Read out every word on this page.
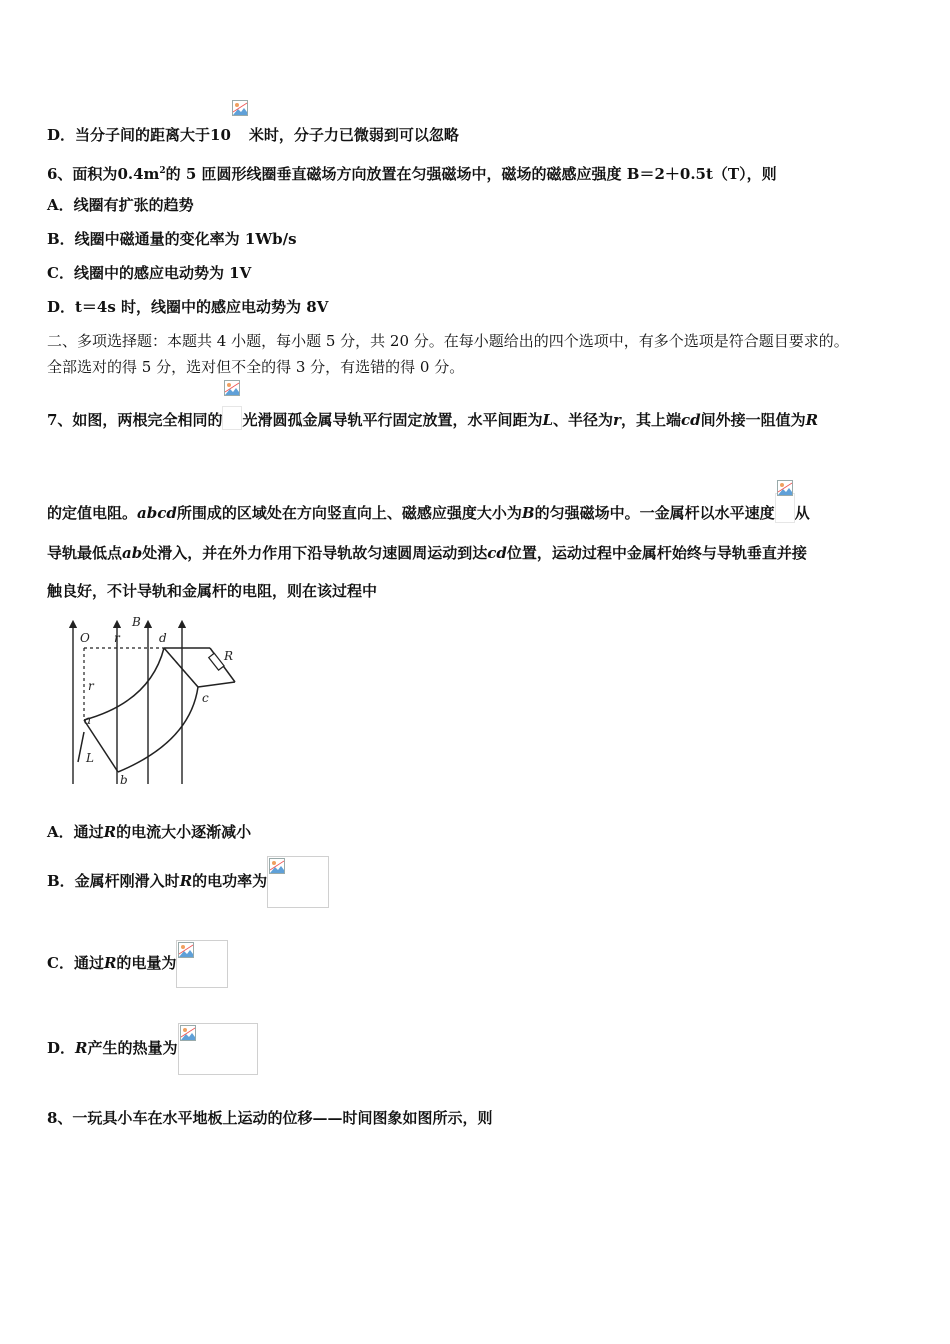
D．当分子间的距离大于10 米时，分子力已微弱到可以忽略
6、面积为$0.4m^2$的 5 匝圆形线圈垂直磁场方向放置在匀强磁场中，磁场的磁感应强度 B＝2＋0.5t（T），则
A．线圈有扩张的趋势
B．线圈中磁通量的变化率为 1Wb/s
C．线圈中的感应电动势为 1V
D．t＝4s 时，线圈中的感应电动势为 8V
二、多项选择题：本题共 4 小题，每小题 5 分，共 20 分。在每小题给出的四个选项中，有多个选项是符合题目要求的。
全部选对的得 5 分，选对但不全的得 3 分，有选错的得 0 分。
7、如图，两根完全相同的 光滑圆孤金属导轨平行固定放置，水平间距为L、半径为r，其上端cd间外接一阻值为R
的定值电阻。abcd所围成的区域处在方向竖直向上、磁感应强度大小为B的匀强磁场中。一金属杆以水平速度 从
导轨最低点ab处滑入，并在外力作用下沿导轨故匀速圆周运动到达cd位置，运动过程中金属杆始终与导轨垂直并接
触良好，不计导轨和金属杆的电阻，则在该过程中
O r
B
d
R
c
r
a
L
b
A．通过R的电流大小逐渐减小
B．金属杆刚滑入时R的电功率为
C．通过R的电量为
D．R产生的热量为
8、一玩具小车在水平地板上运动的位移——时间图象如图所示，则
